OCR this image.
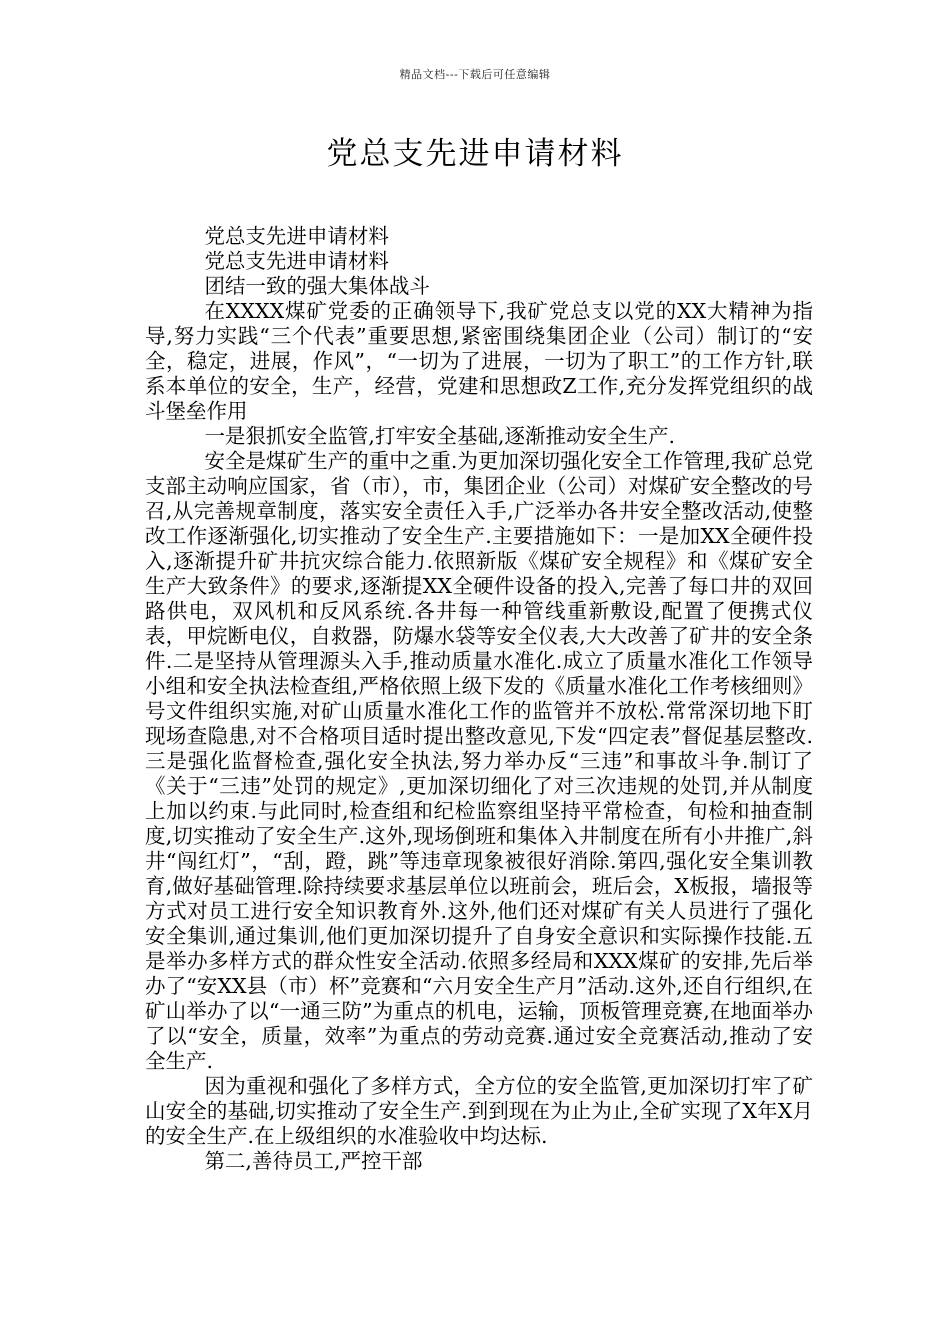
精品文档---下载后可任意编辑
党总支先进申请材料

党总支先进申请材料

党总支先进申请材料

团结一致的强大集体战斗

在XXXX煤矿党委的正确领导下,我矿党总支以党的XX大精神为指导,努力实践“三个代表”重要思想,紧密围绕集团企业（公司）制订的“安全，稳定，进展，作风”，“一切为了进展，一切为了职工”的工作方针,联系本单位的安全，生产，经营，党建和思想政Z工作,充分发挥党组织的战斗堡垒作用

一是狠抓安全监管,打牢安全基础,逐渐推动安全生产.

安全是煤矿生产的重中之重.为更加深切强化安全工作管理,我矿总党支部主动响应国家，省（市），市，集团企业（公司）对煤矿安全整改的号召,从完善规章制度，落实安全责任入手,广泛举办各井安全整改活动,使整改工作逐渐强化,切实推动了安全生产.主要措施如下：一是加XX全硬件投入,逐渐提升矿井抗灾综合能力.依照新版《煤矿安全规程》和《煤矿安全生产大致条件》的要求,逐渐提XX全硬件设备的投入,完善了每口井的双回路供电，双风机和反风系统.各井每一种管线重新敷设,配置了便携式仪表，甲烷断电仪，自救器，防爆水袋等安全仪表,大大改善了矿井的安全条件.二是坚持从管理源头入手,推动质量水准化.成立了质量水准化工作领导小组和安全执法检查组,严格依照上级下发的《质量水准化工作考核细则》号文件组织实施,对矿山质量水准化工作的监管并不放松.常常深切地下盯现场查隐患,对不合格项目适时提出整改意见,下发“四定表”督促基层整改.三是强化监督检查,强化安全执法,努力举办反“三违”和事故斗争.制订了《关于“三违”处罚的规定》,更加深切细化了对三次违规的处罚,并从制度上加以约束.与此同时,检查组和纪检监察组坚持平常检查，旬检和抽查制度,切实推动了安全生产.这外,现场倒班和集体入井制度在所有小井推广,斜井“闯红灯”，“刮，蹬，跳”等违章现象被很好消除.第四,强化安全集训教育,做好基础管理.除持续要求基层单位以班前会，班后会，X板报，墙报等方式对员工进行安全知识教育外.这外,他们还对煤矿有关人员进行了强化安全集训,通过集训,他们更加深切提升了自身安全意识和实际操作技能.五是举办多样方式的群众性安全活动.依照多经局和XXX煤矿的安排,先后举办了“安XX县（市）杯”竞赛和“六月安全生产月”活动.这外,还自行组织,在矿山举办了以“一通三防”为重点的机电，运输，顶板管理竞赛,在地面举办了以“安全，质量，效率”为重点的劳动竞赛.通过安全竞赛活动,推动了安全生产.

因为重视和强化了多样方式，全方位的安全监管,更加深切打牢了矿山安全的基础,切实推动了安全生产.到到现在为止为止,全矿实现了X年X月的安全生产.在上级组织的水准验收中均达标.

第二,善待员工,严控干部
